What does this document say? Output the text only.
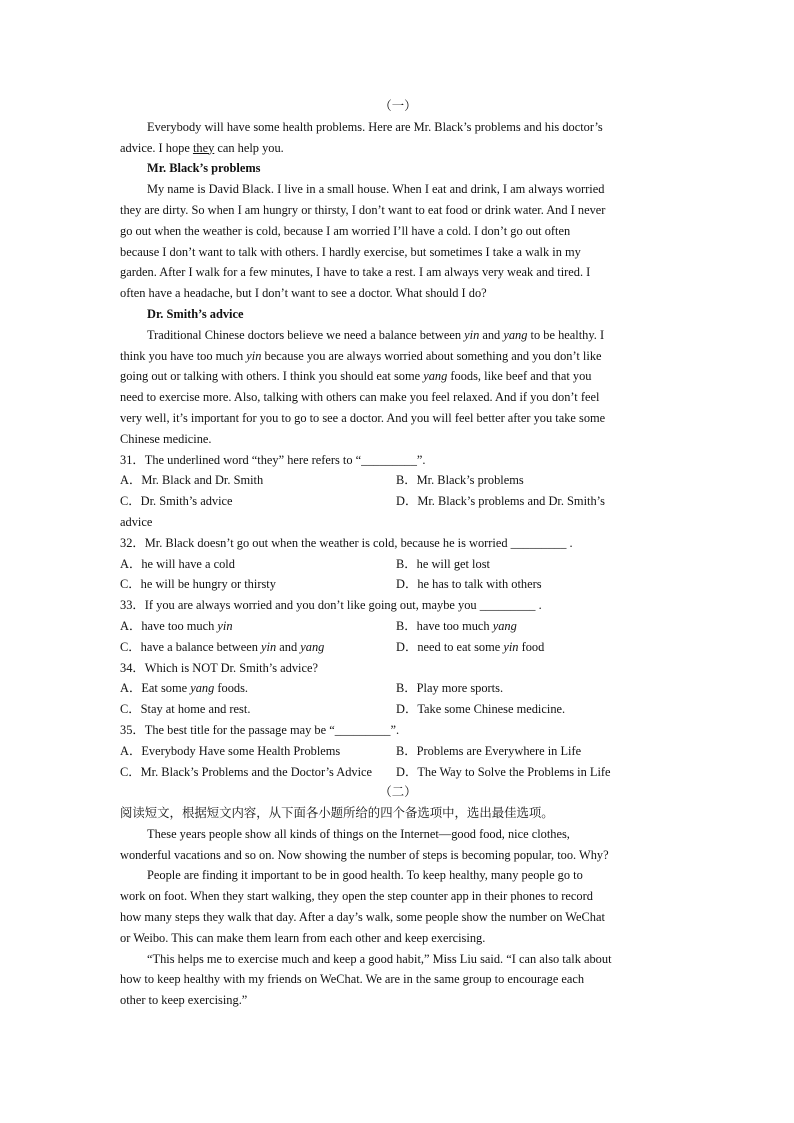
（一）
Everybody will have some health problems. Here are Mr. Black’s problems and his doctor’s
advice. I hope they can help you.
Mr. Black’s problems
My name is David Black. I live in a small house. When I eat and drink, I am always worried
they are dirty. So when I am hungry or thirsty, I don’t want to eat food or drink water. And I never
go out when the weather is cold, because I am worried I’ll have a cold. I don’t go out often
because I don’t want to talk with others. I hardly exercise, but sometimes I take a walk in my
garden. After I walk for a few minutes, I have to take a rest. I am always very weak and tired. I
often have a headache, but I don’t want to see a doctor. What should I do?
Dr. Smith’s advice
Traditional Chinese doctors believe we need a balance between yin and yang to be healthy. I
think you have too much yin because you are always worried about something and you don’t like
going out or talking with others. I think you should eat some yang foods, like beef and that you
need to exercise more. Also, talking with others can make you feel relaxed. And if you don’t feel
very well, it’s important for you to go to see a doctor. And you will feel better after you take some
Chinese medicine.
31．The underlined word “they” here refers to “_________”.
A．Mr. Black and Dr. Smith	B．Mr. Black’s problems
C．Dr. Smith’s advice	D．Mr. Black’s problems and Dr. Smith’s
advice
32．Mr. Black doesn’t go out when the weather is cold, because he is worried _________ .
A．he will have a cold	B．he will get lost
C．he will be hungry or thirsty	D．he has to talk with others
33．If you are always worried and you don’t like going out, maybe you _________ .
A．have too much yin	B．have too much yang
C．have a balance between yin and yang	D．need to eat some yin food
34．Which is NOT Dr. Smith’s advice?
A．Eat some yang foods.	B．Play more sports.
C．Stay at home and rest.	D．Take some Chinese medicine.
35．The best title for the passage may be “_________”.
A．Everybody Have some Health Problems	B．Problems are Everywhere in Life
C．Mr. Black’s Problems and the Doctor’s Advice D．The Way to Solve the Problems in Life
（二）
阅读短文，根据短文内容，从下面各小题所给的四个备选项中，选出最佳选项。
These years people show all kinds of things on the Internet—good food, nice clothes,
wonderful vacations and so on. Now showing the number of steps is becoming popular, too. Why?
People are finding it important to be in good health. To keep healthy, many people go to
work on foot. When they start walking, they open the step counter app in their phones to record
how many steps they walk that day. After a day’s walk, some people show the number on WeChat
or Weibo. This can make them learn from each other and keep exercising.
“This helps me to exercise much and keep a good habit,” Miss Liu said. “I can also talk about
how to keep healthy with my friends on WeChat. We are in the same group to encourage each
other to keep exercising.”
